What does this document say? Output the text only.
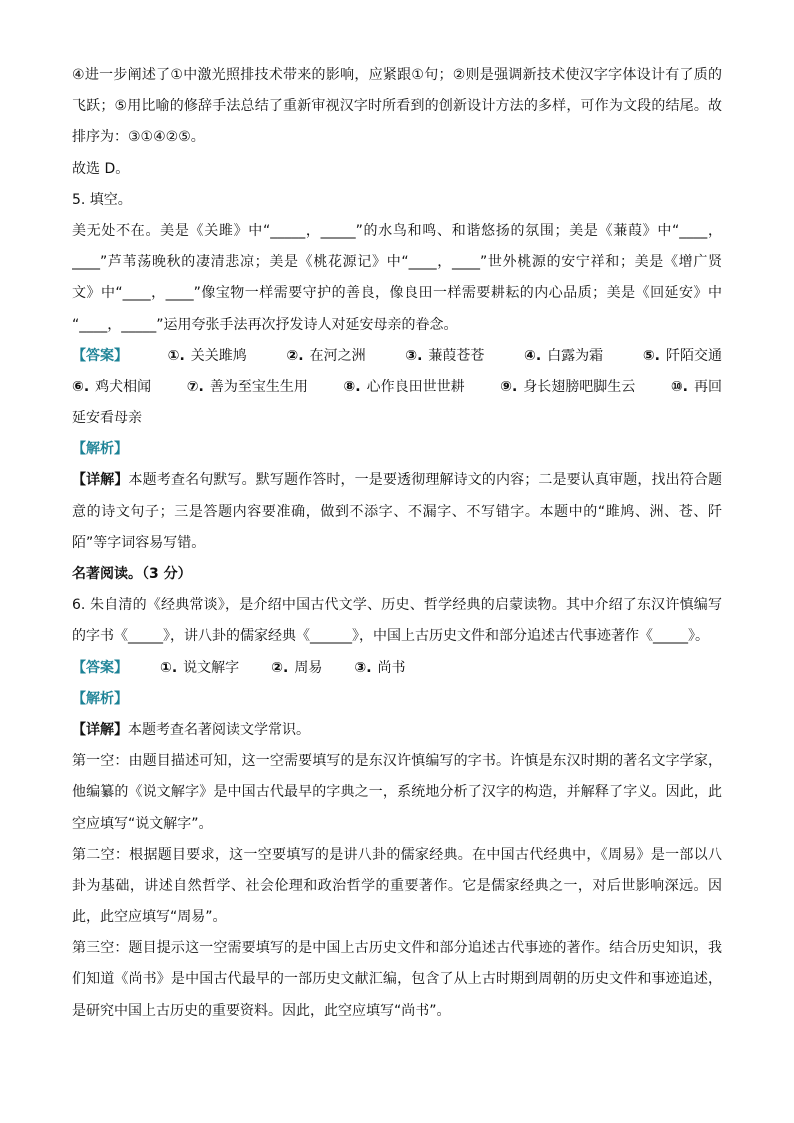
④进一步阐述了①中激光照排技术带来的影响，应紧跟①句；②则是强调新技术使汉字字体设计有了质的
飞跃；⑤用比喻的修辞手法总结了重新审视汉字时所看到的创新设计方法的多样，可作为文段的结尾。故
排序为：③①④②⑤。
故选 D。
5. 填空。
美无处不在。美是《关雎》中“_____，_____”的水鸟和鸣、和谐悠扬的氛围；美是《蒹葭》中“____，
____”芦苇荡晚秋的凄清悲凉；美是《桃花源记》中“____，____”世外桃源的安宁祥和；美是《增广贤
文》中“____，____”像宝物一样需要守护的善良，像良田一样需要耕耘的内心品质；美是《回延安》中
“____，_____”运用夸张手法再次抒发诗人对延安母亲的眷念。
【答案】	①. 关关雎鸠	②. 在河之洲	③. 蒹葭苍苍	④. 白露为霜	⑤. 阡陌交通
⑥. 鸡犬相闻	⑦. 善为至宝生生用	⑧. 心作良田世世耕	⑨. 身长翅膀吧脚生云	⑩. 再回
延安看母亲
【解析】
【详解】本题考查名句默写。默写题作答时，一是要透彻理解诗文的内容；二是要认真审题，找出符合题
意的诗文句子；三是答题内容要准确，做到不添字、不漏字、不写错字。本题中的“雎鸠、洲、苍、阡
陌”等字词容易写错。
名著阅读。（3 分）
6. 朱自清的《经典常谈》，是介绍中国古代文学、历史、哲学经典的启蒙读物。其中介绍了东汉许慎编写
的字书《_____》，讲八卦的儒家经典《______》，中国上古历史文件和部分追述古代事迹著作《_____》。
【答案】 ①. 说文解字 ②. 周易 ③. 尚书
【解析】
【详解】本题考查名著阅读文学常识。
第一空：由题目描述可知，这一空需要填写的是东汉许慎编写的字书。许慎是东汉时期的著名文字学家，
他编纂的《说文解字》是中国古代最早的字典之一，系统地分析了汉字的构造，并解释了字义。因此，此
空应填写“说文解字”。
第二空：根据题目要求，这一空要填写的是讲八卦的儒家经典。在中国古代经典中，《周易》是一部以八
卦为基础，讲述自然哲学、社会伦理和政治哲学的重要著作。它是儒家经典之一，对后世影响深远。因
此，此空应填写“周易”。
第三空：题目提示这一空需要填写的是中国上古历史文件和部分追述古代事迹的著作。结合历史知识，我
们知道《尚书》是中国古代最早的一部历史文献汇编，包含了从上古时期到周朝的历史文件和事迹追述，
是研究中国上古历史的重要资料。因此，此空应填写“尚书”。
